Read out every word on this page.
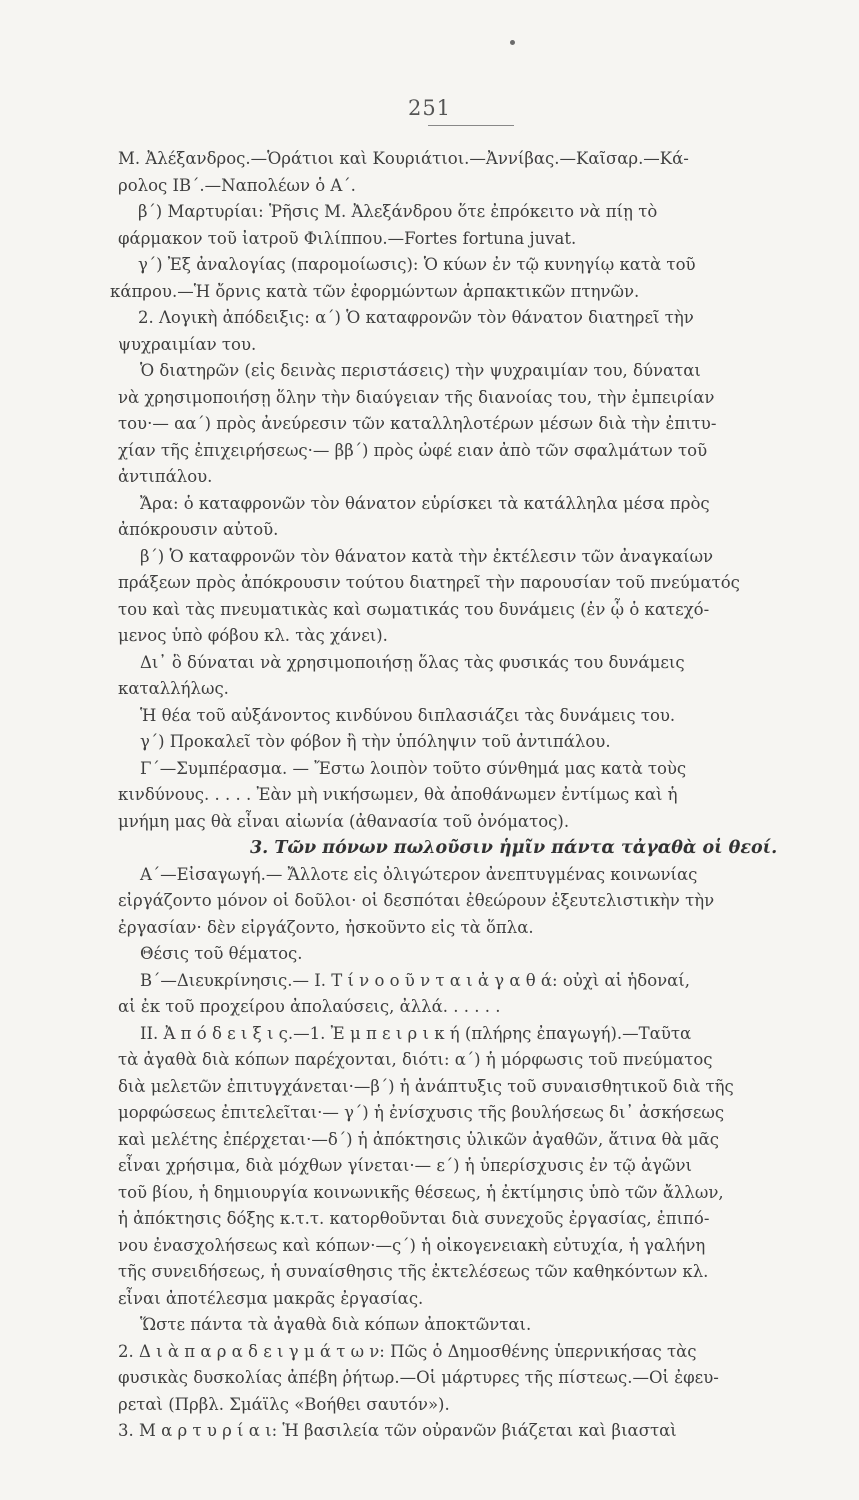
251
Μ. Ἀλέξανδρος.—Ὁράτιοι καὶ Κουριάτιοι.—Ἀννίβας.—Καῖσαρ.—Κά-
ρολος ΙΒ΄.—Ναπολέων ὁ Α΄.
β΄) Μαρτυρίαι: Ῥῆσις Μ. Ἀλεξάνδρου ὅτε ἐπρόκειτο νὰ πίῃ τὸ
φάρμακον τοῦ ἰατροῦ Φιλίππου.—Fortes fortuna juvat.
γ΄) Ἐξ ἀναλογίας (παρομοίωσις): Ὁ κύων ἐν τῷ κυνηγίῳ κατὰ τοῦ
κάπρου.—Ἡ ὄρνις κατὰ τῶν ἐφορμώντων ἁρπακτικῶν πτηνῶν.
2. Λογικὴ ἀπόδειξις: α΄) Ὁ καταφρονῶν τὸν θάνατον διατηρεῖ τὴν
ψυχραιμίαν του.
Ὁ διατηρῶν (εἰς δεινὰς περιστάσεις) τὴν ψυχραιμίαν του, δύναται
νὰ χρησιμοποιήσῃ ὅλην τὴν διαύγειαν τῆς διανοίας του, τὴν ἐμπειρίαν
του·— αα΄) πρὸς ἀνεύρεσιν τῶν καταλληλοτέρων μέσων διὰ τὴν ἐπιτυ-
χίαν τῆς ἐπιχειρήσεως·— ββ΄) πρὸς ὠφέ ειαν ἀπὸ τῶν σφαλμάτων τοῦ
ἀντιπάλου.
Ἄρα: ὁ καταφρονῶν τὸν θάνατον εὑρίσκει τὰ κατάλληλα μέσα πρὸς
ἀπόκρουσιν αὐτοῦ.
β΄) Ὁ καταφρονῶν τὸν θάνατον κατὰ τὴν ἐκτέλεσιν τῶν ἀναγκαίων
πράξεων πρὸς ἀπόκρουσιν τούτου διατηρεῖ τὴν παρουσίαν τοῦ πνεύματός
του καὶ τὰς πνευματικὰς καὶ σωματικάς του δυνάμεις (ἐν ᾧ ὁ κατεχό-
μενος ὑπὸ φόβου κλ. τὰς χάνει).
Δι᾽ ὃ δύναται νὰ χρησιμοποιήσῃ ὅλας τὰς φυσικάς του δυνάμεις
καταλλήλως.
Ἡ θέα τοῦ αὐξάνοντος κινδύνου διπλασιάζει τὰς δυνάμεις του.
γ΄) Προκαλεῖ τὸν φόβον ἢ τὴν ὑπόληψιν τοῦ ἀντιπάλου.
Γ΄—Συμπέρασμα. — Ἔστω λοιπὸν τοῦτο σύνθημά μας κατὰ τοὺς
κινδύνους. . . . . Ἐὰν μὴ νικήσωμεν, θὰ ἀποθάνωμεν ἐντίμως καὶ ἡ
μνήμη μας θὰ εἶναι αἰωνία (ἀθανασία τοῦ ὀνόματος).
3. Τῶν πόνων πωλοῦσιν ἡμῖν πάντα τἀγαθὰ οἱ θεοί.
Α΄—Εἰσαγωγή.— Ἄλλοτε εἰς ὀλιγώτερον ἀνεπτυγμένας κοινωνίας
εἰργάζοντο μόνον οἱ δοῦλοι· οἱ δεσπόται ἐθεώρουν ἐξευτελιστικὴν τὴν
ἐργασίαν· δὲν εἰργάζοντο, ἠσκοῦντο εἰς τὰ ὅπλα.
Θέσις τοῦ θέματος.
Β΄—Διευκρίνησις.— Ι. Τ ί ν ο ο ῦ ν τ α ι ἀ γ α θ ά: οὐχὶ αἱ ἡδοναί,
αἱ ἐκ τοῦ προχείρου ἀπολαύσεις, ἀλλά. . . . . .
ΙΙ. Ἀ π ό δ ε ι ξ ι ς.—1. Ἐ μ π ε ι ρ ι κ ή (πλήρης ἐπαγωγή).—Ταῦτα
τὰ ἀγαθὰ διὰ κόπων παρέχονται, διότι: α΄) ἡ μόρφωσις τοῦ πνεύματος
διὰ μελετῶν ἐπιτυγχάνεται·—β΄) ἡ ἀνάπτυξις τοῦ συναισθητικοῦ διὰ τῆς
μορφώσεως ἐπιτελεῖται·— γ΄) ἡ ἐνίσχυσις τῆς βουλήσεως δι᾽ ἀσκήσεως
καὶ μελέτης ἐπέρχεται·—δ΄) ἡ ἀπόκτησις ὑλικῶν ἀγαθῶν, ἅτινα θὰ μᾶς
εἶναι χρήσιμα, διὰ μόχθων γίνεται·— ε΄) ἡ ὑπερίσχυσις ἐν τῷ ἀγῶνι
τοῦ βίου, ἡ δημιουργία κοινωνικῆς θέσεως, ἡ ἐκτίμησις ὑπὸ τῶν ἄλλων,
ἡ ἀπόκτησις δόξης κ.τ.τ. κατορθοῦνται διὰ συνεχοῦς ἐργασίας, ἐπιπό-
νου ἐνασχολήσεως καὶ κόπων·—ς΄) ἡ οἰκογενειακὴ εὐτυχία, ἡ γαλήνη
τῆς συνειδήσεως, ἡ συναίσθησις τῆς ἐκτελέσεως τῶν καθηκόντων κλ.
εἶναι ἀποτέλεσμα μακρᾶς ἐργασίας.
Ὥστε πάντα τὰ ἀγαθὰ διὰ κόπων ἀποκτῶνται.
2. Δ ι ὰ π α ρ α δ ε ι γ μ ά τ ω ν: Πῶς ὁ Δημοσθένης ὑπερνικήσας τὰς
φυσικὰς δυσκολίας ἀπέβη ῥήτωρ.—Οἱ μάρτυρες τῆς πίστεως.—Οἱ ἐφευ-
ρεταὶ (Πρβλ. Σμάϊλς «Βοήθει σαυτόν»).
3. Μ α ρ τ υ ρ ί α ι: Ἡ βασιλεία τῶν οὐρανῶν βιάζεται καὶ βιασταὶ
